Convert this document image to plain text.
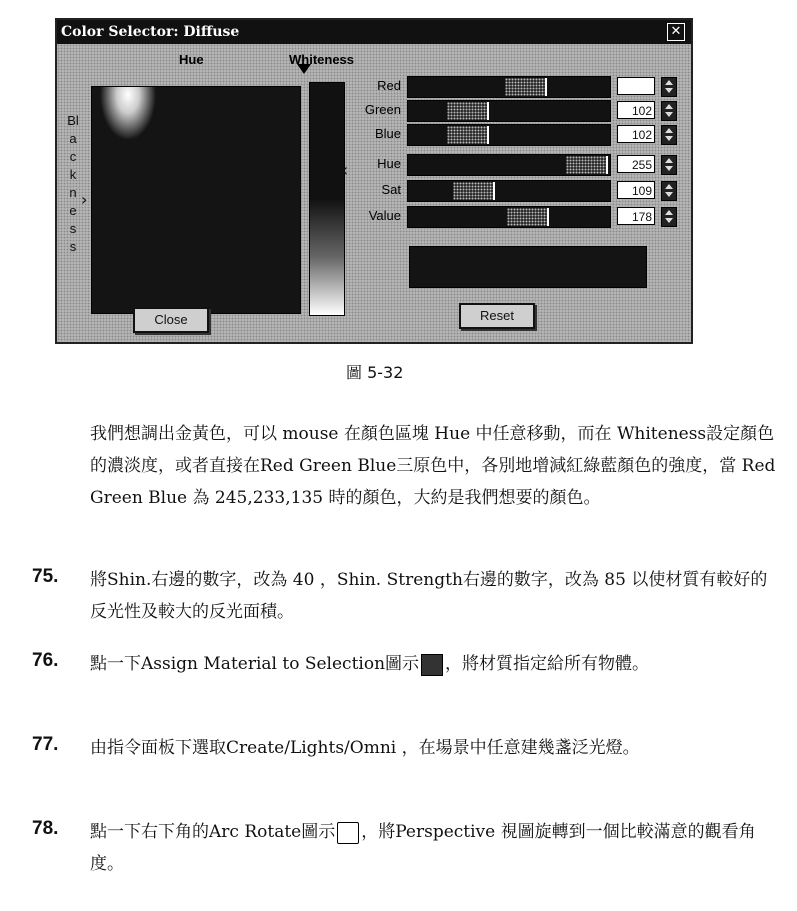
Color Selector: Diffuse	✕
Hue	Whiteness
Blackness
›
⁞
‹
Red
Green	102
Blue	102
Hue	255
Sat	109
Value	178
Close	Reset
圖 5-32
我們想調出金黃色，可以 mouse 在顏色區塊 Hue 中任意移動，而在 Whiteness設定顏色的濃淡度，或者直接在Red Green Blue三原色中，各別地增減紅綠藍顏色的強度，當 Red Green Blue 為 245,233,135 時的顏色，大約是我們想要的顏色。
75. 將Shin.右邊的數字，改為 40 ，Shin. Strength右邊的數字，改為 85 以使材質有較好的反光性及較大的反光面積。
76. 點一下Assign Material to Selection圖示 ，將材質指定給所有物體。
77. 由指令面板下選取Create/Lights/Omni ，在場景中任意建幾盞泛光燈。
78. 點一下右下角的Arc Rotate圖示 ，將Perspective 視圖旋轉到一個比較滿意的觀看角度。
